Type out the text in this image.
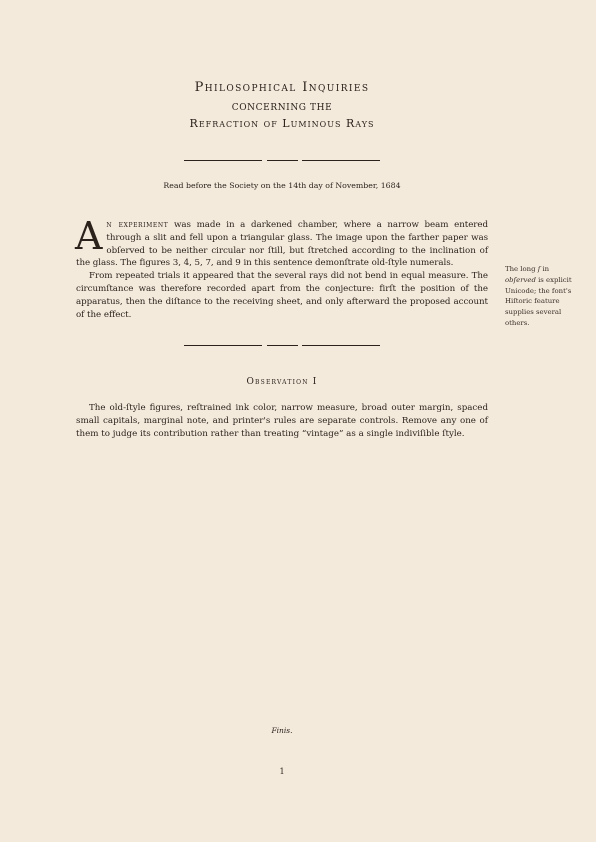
Philosophical Inquiries
CONCERNING THE
Refraction of Luminous Rays
Read before the Society on the 14th day of November, 1684

An experiment was made in a darkened chamber, where a narrow beam entered through a slit and fell upon a triangular glass. The image upon the farther paper was obſerved to be neither circular nor ſtill, but ſtretched according to the inclination of the glass. The figures 3, 4, 5, 7, and 9 in this sentence demonſtrate old-ſtyle numerals.

From repeated trials it appeared that the several rays did not bend in equal measure. The circumſtance was therefore recorded apart from the conjecture: firſt the position of the apparatus, then the diſtance to the receiving sheet, and only afterward the proposed account of the effect.

The long ſ in obſerved is explicit Unicode; the font's Hiſtoric feature supplies several others.
Observation I

The old-ſtyle figures, reſtrained ink color, narrow measure, broad outer margin, spaced small capitals, marginal note, and printer's rules are separate controls. Remove any one of them to judge its contribution rather than treating “vintage” as a single indiviſible ſtyle.

Finis.
1
